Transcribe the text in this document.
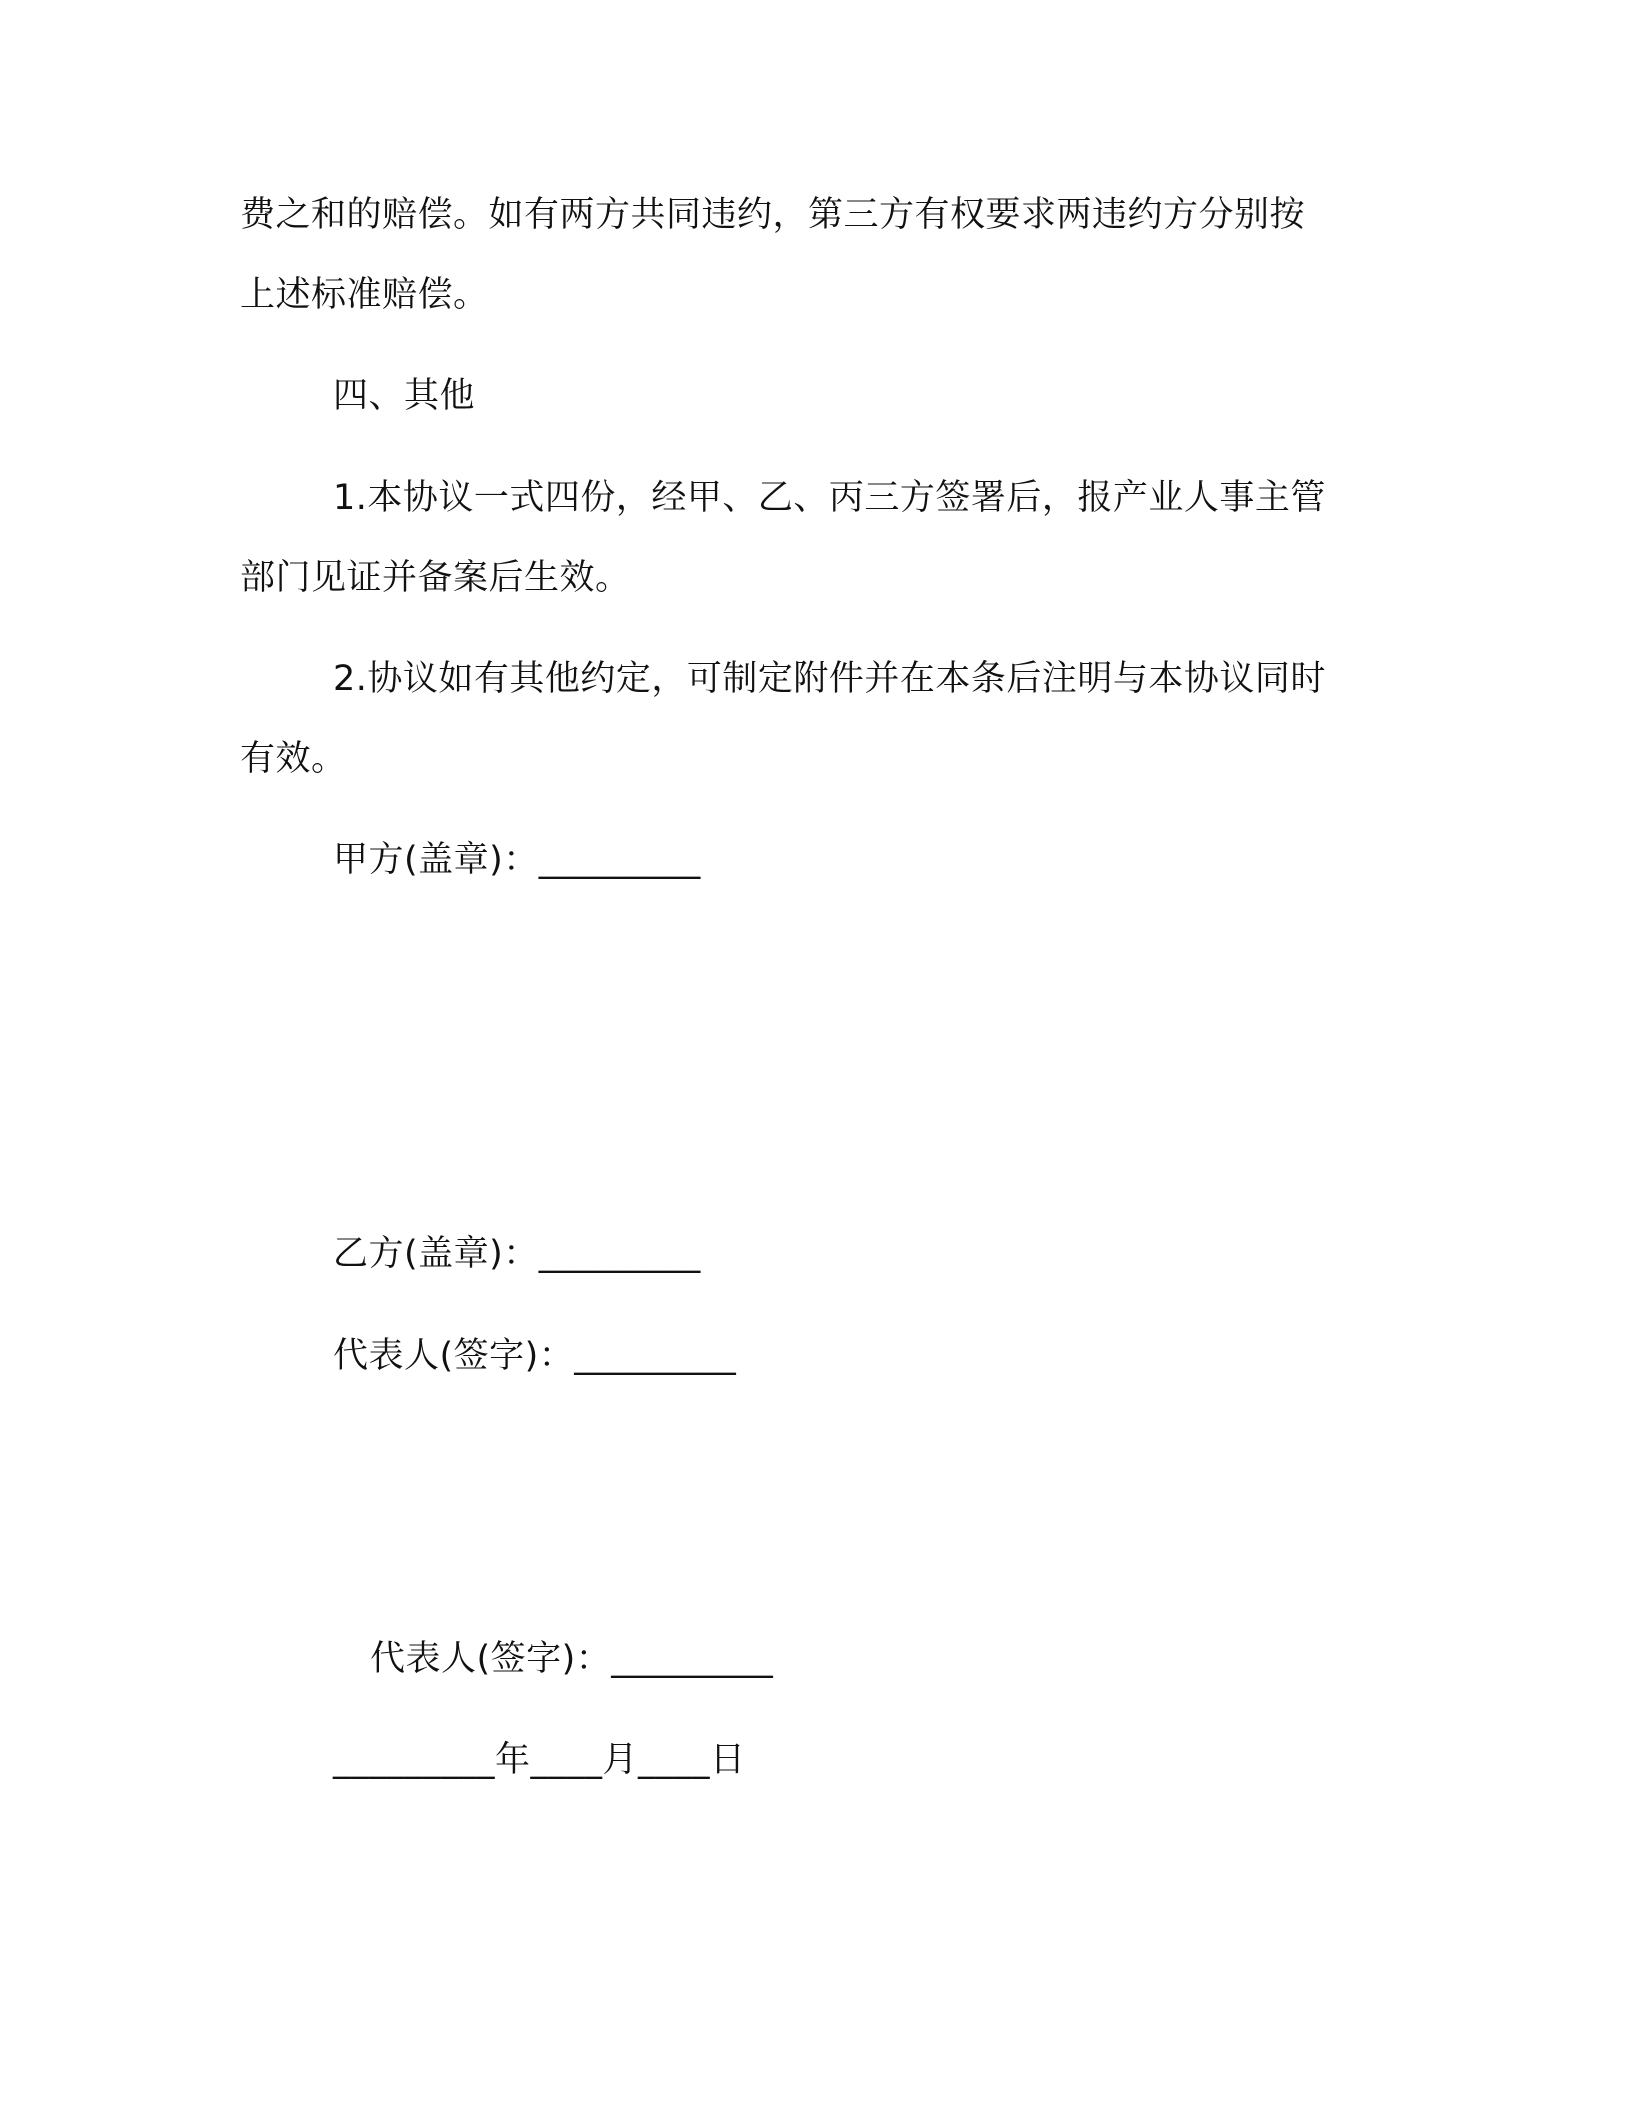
费之和的赔偿。如有两方共同违约，第三方有权要求两违约方分别按
上述标准赔偿。
四、其他
1.本协议一式四份，经甲、乙、丙三方签署后，报产业人事主管
部门见证并备案后生效。
2.协议如有其他约定，可制定附件并在本条后注明与本协议同时
有效。
甲方(盖章)：_________
乙方(盖章)：_________
代表人(签字)：_________
代表人(签字)：_________
_________年____月____日
